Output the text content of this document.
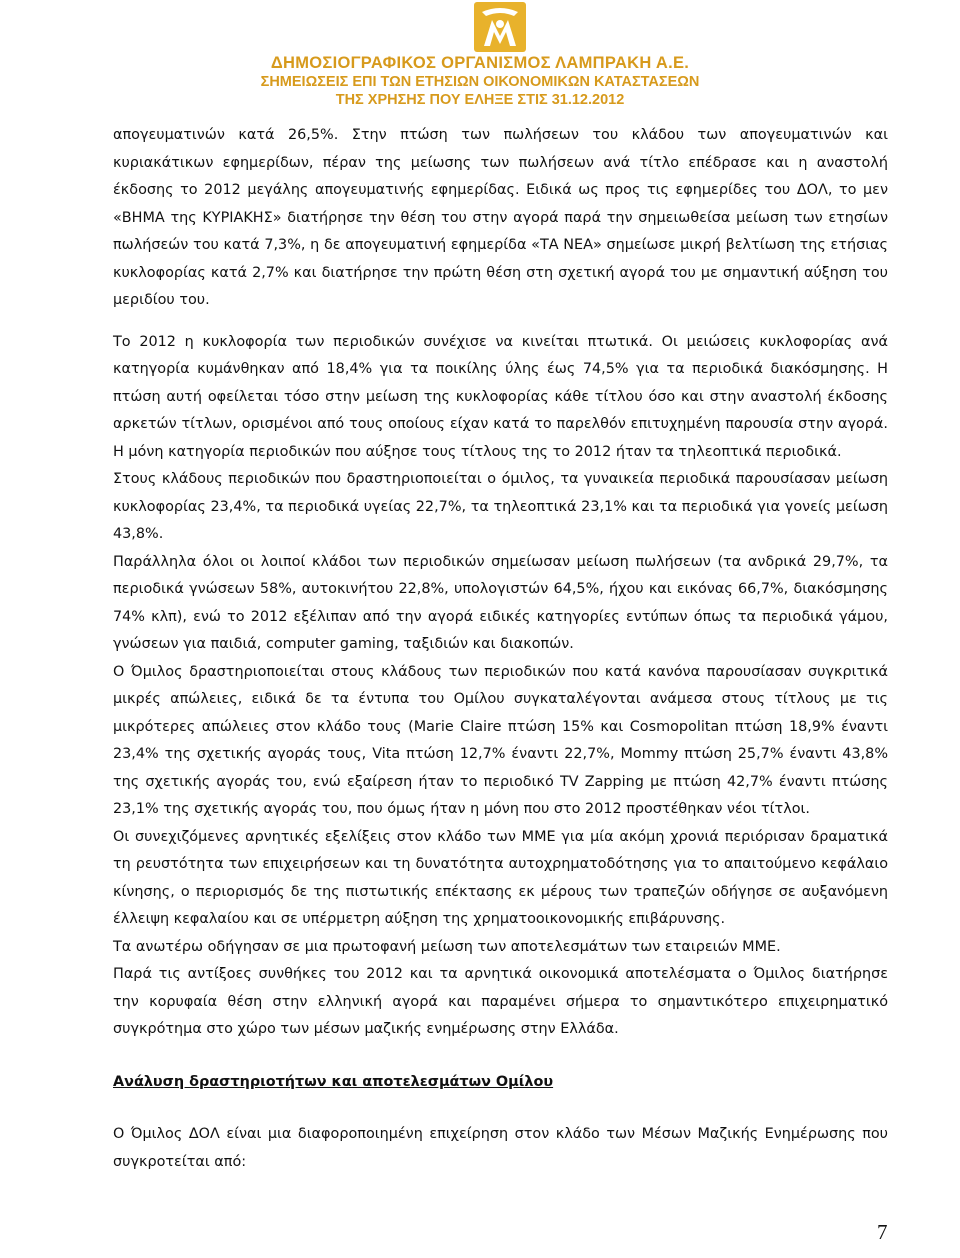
ΔΗΜΟΣΙΟΓΡΑΦΙΚΟΣ ΟΡΓΑΝΙΣΜΟΣ ΛΑΜΠΡΑΚΗ Α.Ε.
ΣΗΜΕΙΩΣΕΙΣ ΕΠΙ ΤΩΝ ΕΤΗΣΙΩΝ ΟΙΚΟΝΟΜΙΚΩΝ ΚΑΤΑΣΤΑΣΕΩΝ
ΤΗΣ ΧΡΗΣΗΣ ΠΟΥ ΕΛΗΞΕ ΣΤΙΣ 31.12.2012

απογευματινών κατά 26,5%. Στην πτώση των πωλήσεων του κλάδου των απογευματινών και κυριακάτικων εφημερίδων, πέραν της μείωσης των πωλήσεων ανά τίτλο επέδρασε και η αναστολή έκδοσης το 2012 μεγάλης απογευματινής εφημερίδας. Ειδικά ως προς τις εφημερίδες του ΔΟΛ, το μεν «ΒΗΜΑ της ΚΥΡΙΑΚΗΣ» διατήρησε την θέση του στην αγορά παρά την σημειωθείσα μείωση των ετησίων πωλήσεών του κατά 7,3%, η δε απογευματινή εφημερίδα «ΤΑ ΝΕΑ» σημείωσε μικρή βελτίωση της ετήσιας κυκλοφορίας κατά 2,7% και διατήρησε την πρώτη θέση στη σχετική αγορά του με σημαντική αύξηση του μεριδίου του.

Το 2012 η κυκλοφορία των περιοδικών συνέχισε να κινείται πτωτικά. Οι μειώσεις κυκλοφορίας ανά κατηγορία κυμάνθηκαν από 18,4% για τα ποικίλης ύλης έως 74,5% για τα περιοδικά διακόσμησης. Η πτώση αυτή οφείλεται τόσο στην μείωση της κυκλοφορίας κάθε τίτλου όσο και στην αναστολή έκδοσης αρκετών τίτλων, ορισμένοι από τους οποίους είχαν κατά το παρελθόν επιτυχημένη παρουσία στην αγορά. Η μόνη κατηγορία περιοδικών που αύξησε τους τίτλους της το 2012 ήταν τα τηλεοπτικά περιοδικά.

Στους κλάδους περιοδικών που δραστηριοποιείται ο όμιλος, τα γυναικεία περιοδικά παρουσίασαν μείωση κυκλοφορίας 23,4%, τα περιοδικά υγείας 22,7%, τα τηλεοπτικά 23,1% και τα περιοδικά για γονείς μείωση 43,8%.

Παράλληλα όλοι οι λοιποί κλάδοι των περιοδικών σημείωσαν μείωση πωλήσεων (τα ανδρικά 29,7%, τα περιοδικά γνώσεων 58%, αυτοκινήτου 22,8%, υπολογιστών 64,5%, ήχου και εικόνας 66,7%, διακόσμησης 74% κλπ), ενώ το 2012 εξέλιπαν από την αγορά ειδικές κατηγορίες εντύπων όπως τα περιοδικά γάμου, γνώσεων για παιδιά, computer gaming, ταξιδιών και διακοπών.

Ο Όμιλος δραστηριοποιείται στους κλάδους των περιοδικών που κατά κανόνα παρουσίασαν συγκριτικά μικρές απώλειες, ειδικά δε τα έντυπα του Ομίλου συγκαταλέγονται ανάμεσα στους τίτλους με τις μικρότερες απώλειες στον κλάδο τους (Marie Claire πτώση 15% και Cosmopolitan πτώση 18,9% έναντι 23,4% της σχετικής αγοράς τους, Vita πτώση 12,7% έναντι 22,7%, Mommy πτώση 25,7% έναντι 43,8% της σχετικής αγοράς του, ενώ εξαίρεση ήταν το περιοδικό TV Zapping με πτώση 42,7% έναντι πτώσης 23,1% της σχετικής αγοράς του, που όμως ήταν η μόνη που στο 2012 προστέθηκαν νέοι τίτλοι.

Οι συνεχιζόμενες αρνητικές εξελίξεις στον κλάδο των ΜΜΕ για μία ακόμη χρονιά περιόρισαν δραματικά τη ρευστότητα των επιχειρήσεων και τη δυνατότητα αυτοχρηματοδότησης για το απαιτούμενο κεφάλαιο κίνησης, ο περιορισμός δε της πιστωτικής επέκτασης εκ μέρους των τραπεζών οδήγησε σε αυξανόμενη έλλειψη κεφαλαίου και σε υπέρμετρη αύξηση της χρηματοοικονομικής επιβάρυνσης.

Τα ανωτέρω οδήγησαν σε μια πρωτοφανή μείωση των αποτελεσμάτων των εταιρειών ΜΜΕ.

Παρά τις αντίξοες συνθήκες του 2012 και τα αρνητικά οικονομικά αποτελέσματα ο Όμιλος διατήρησε την κορυφαία θέση στην ελληνική αγορά και παραμένει σήμερα το σημαντικότερο επιχειρηματικό συγκρότημα στο χώρο των μέσων μαζικής ενημέρωσης στην Ελλάδα.

Ανάλυση δραστηριοτήτων και αποτελεσμάτων Ομίλου

Ο Όμιλος ΔΟΛ είναι μια διαφοροποιημένη επιχείρηση στον κλάδο των Μέσων Μαζικής Ενημέρωσης που συγκροτείται από:

7
